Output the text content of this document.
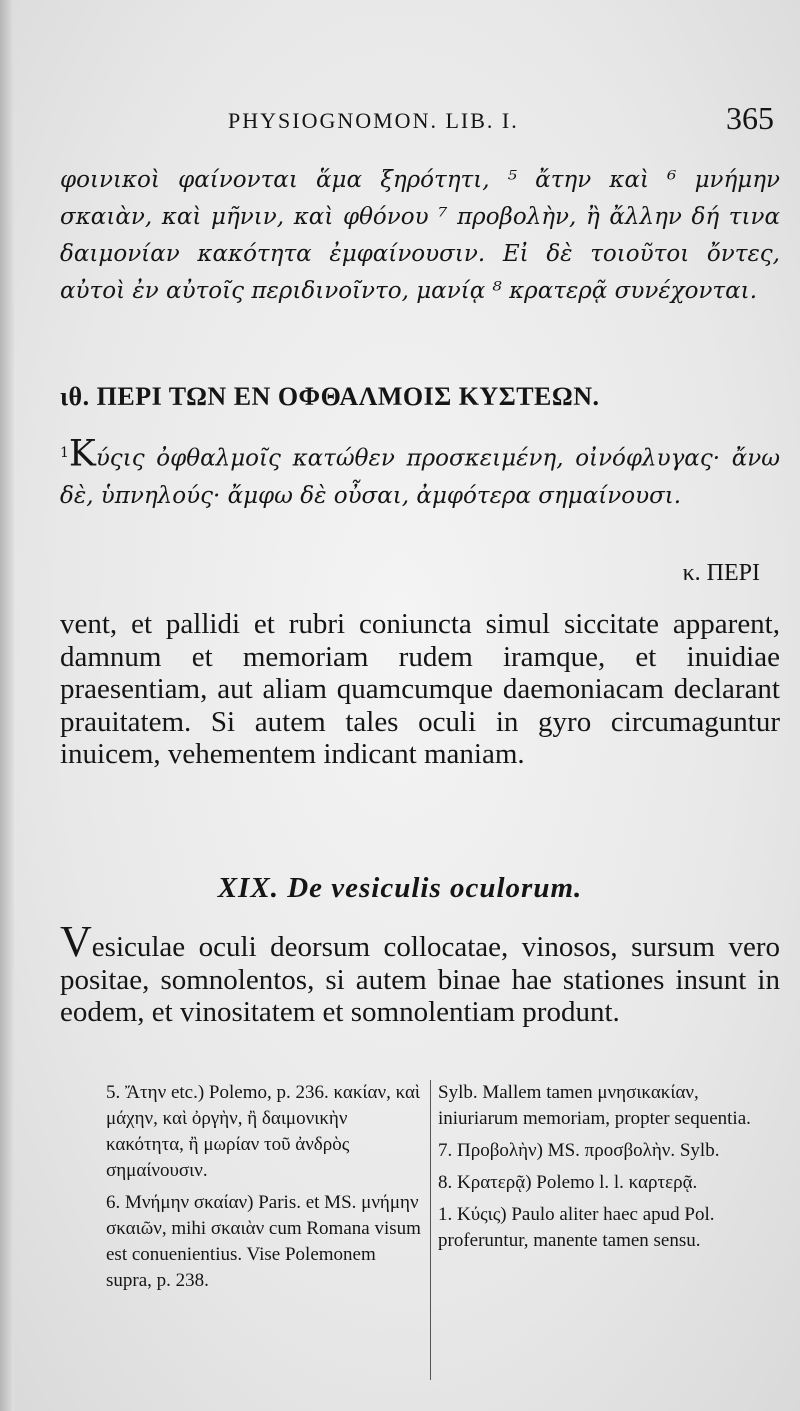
PHYSIOGNOMON. LIB. I.	365

φοινικοὶ φαίνονται ἅμα ξηρότητι, ⁵ ἄτην καὶ ⁶ μνήμην σκαιὰν, καὶ μῆνιν, καὶ φθόνου ⁷ προβολὴν, ἢ ἄλλην δή τινα δαιμονίαν κακότητα ἐμφαίνουσιν. Εἰ δὲ τοιοῦτοι ὄντες, αὐτοὶ ἐν αὐτοῖς περιδινοῖντο, μανίᾳ ⁸ κρατερᾷ συνέχονται.

ιθ. ΠΕΡΙ ΤΩΝ ΕΝ ΟΦΘΑΛΜΟΙΣ ΚΥΣΤΕΩΝ.

$^1$Κύςις ὀφθαλμοῖς κατώθεν προσκειμένη, οἰνόφλυγας· ἄνω δὲ, ὑπνηλούς· ἄμφω δὲ οὖσαι, ἀμφότερα σημαίνουσι.

κ. ΠΕΡΙ

vent, et pallidi et rubri coniuncta simul siccitate apparent, damnum et memoriam rudem iramque, et inuidiae praesentiam, aut aliam quamcumque daemoniacam declarant prauitatem. Si autem tales oculi in gyro circumaguntur inuicem, vehementem indicant maniam.

XIX. De vesiculis oculorum.

Vesiculae oculi deorsum collocatae, vinosos, sursum vero positae, somnolentos, si autem binae hae stationes insunt in eodem, et vinositatem et somnolentiam produnt.

5. Ἄτην etc.) Polemo, p. 236. κακίαν, καὶ μάχην, καὶ ὀργὴν, ἢ δαιμονικὴν κακότητα, ἢ μωρίαν τοῦ ἀνδρὸς σημαίνουσιν.

6. Μνήμην σκαίαν) Paris. et MS. μνήμην σκαιῶν, mihi σκαιὰν cum Romana visum est conuenientius. Vise Polemonem supra, p. 238.

Sylb. Mallem tamen μνησικακίαν, iniuriarum memoriam, propter sequentia.

7. Προβολὴν) MS. προσβολὴν. Sylb.

8. Κρατερᾷ) Polemo l. l. καρτερᾷ.

1. Κύςις) Paulo aliter haec apud Pol. proferuntur, manente tamen sensu.
